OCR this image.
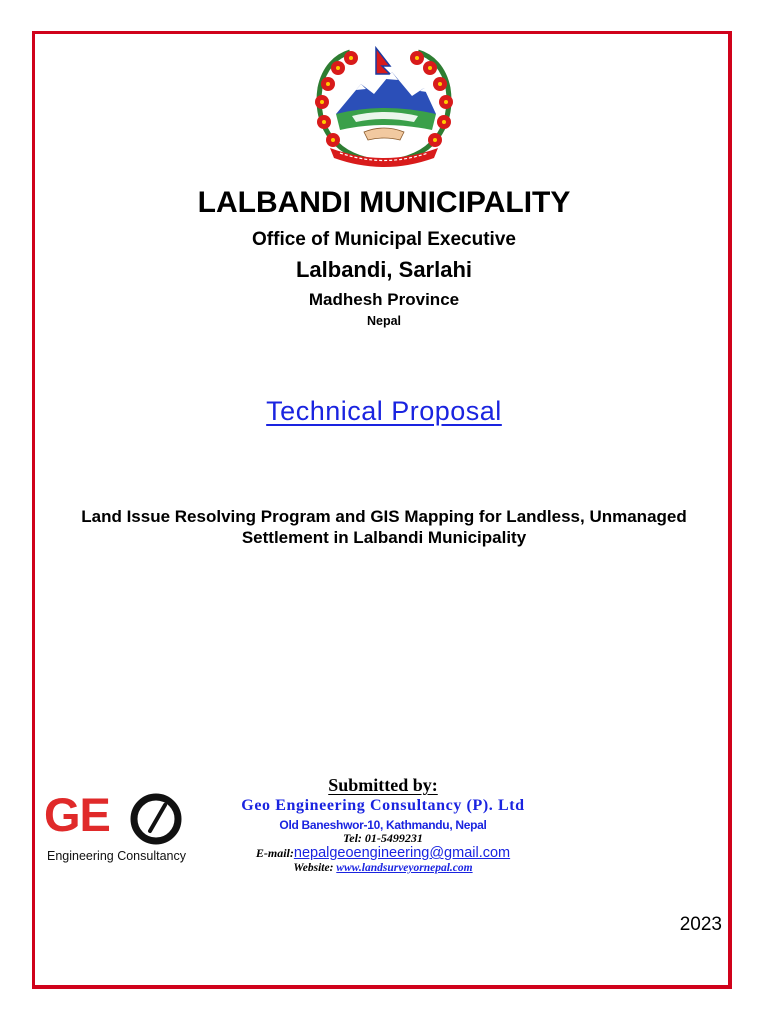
LALBANDI MUNICIPALITY
Office of Municipal Executive
Lalbandi, Sarlahi
Madhesh Province
Nepal
Technical Proposal
Land Issue Resolving Program and GIS Mapping for Landless, Unmanaged Settlement in Lalbandi Municipality
GE
Engineering Consultancy
Submitted by:
Geo Engineering Consultancy (P). Ltd
Old Baneshwor-10, Kathmandu, Nepal
Tel: 01-5499231
E-mail:nepalgeoengineering@gmail.com
Website: www.landsurveyornepal.com
2023
